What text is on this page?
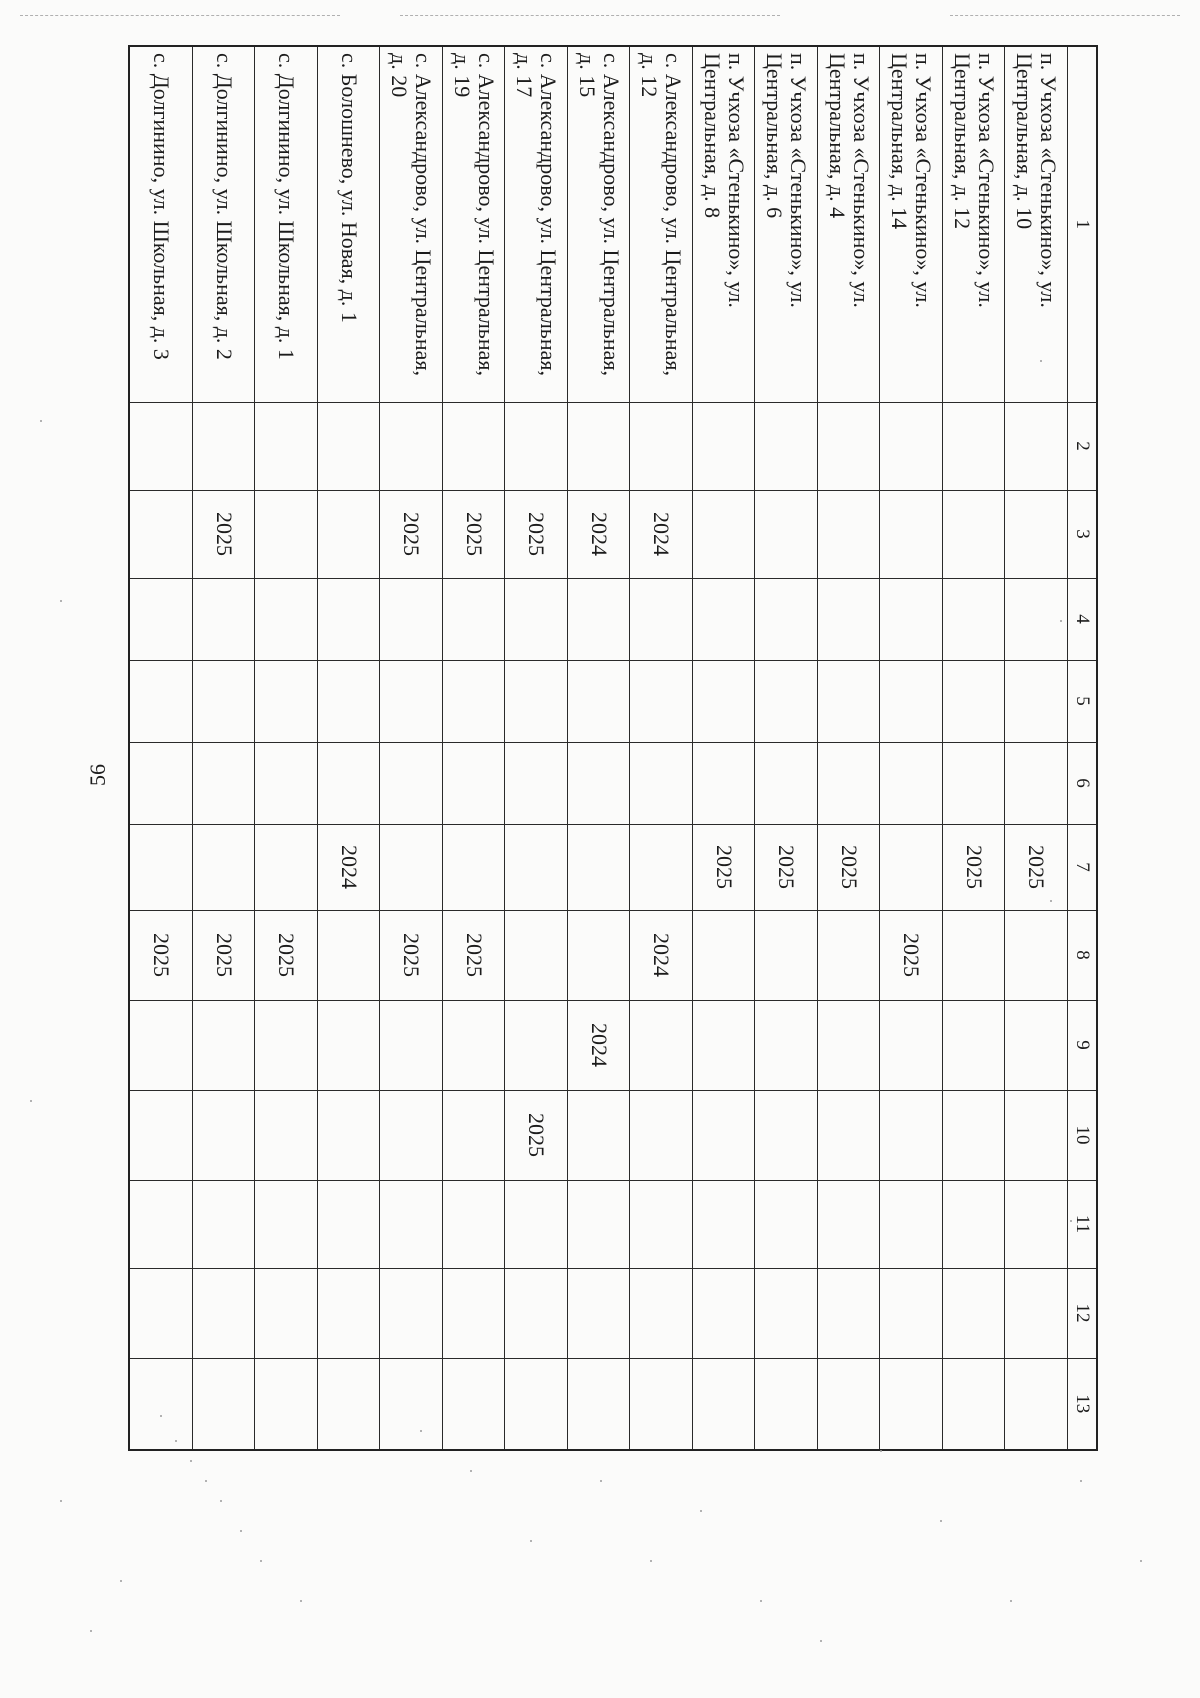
56
1	2	3	4	5	6	7	8	9	10	11	12	13
п. Учхоза «Стенькино», ул. Центральная, д. 10						2025						
п. Учхоза «Стенькино», ул. Центральная, д. 12						2025						
п. Учхоза «Стенькино», ул. Центральная, д. 14							2025					
п. Учхоза «Стенькино», ул. Центральная, д. 4						2025						
п. Учхоза «Стенькино», ул. Центральная, д. 6						2025						
п. Учхоза «Стенькино», ул. Центральная, д. 8						2025						
с. Александрово, ул. Центральная, д. 12		2024					2024					
с. Александрово, ул. Центральная, д. 15		2024						2024				
с. Александрово, ул. Центральная, д. 17		2025							2025			
с. Александрово, ул. Центральная, д. 19		2025					2025					
с. Александрово, ул. Центральная, д. 20		2025					2025					
с. Болошнево, ул. Новая, д. 1						2024						
с. Долгинино, ул. Школьная, д. 1							2025					
с. Долгинино, ул. Школьная, д. 2		2025					2025					
с. Долгинино, ул. Школьная, д. 3							2025					
